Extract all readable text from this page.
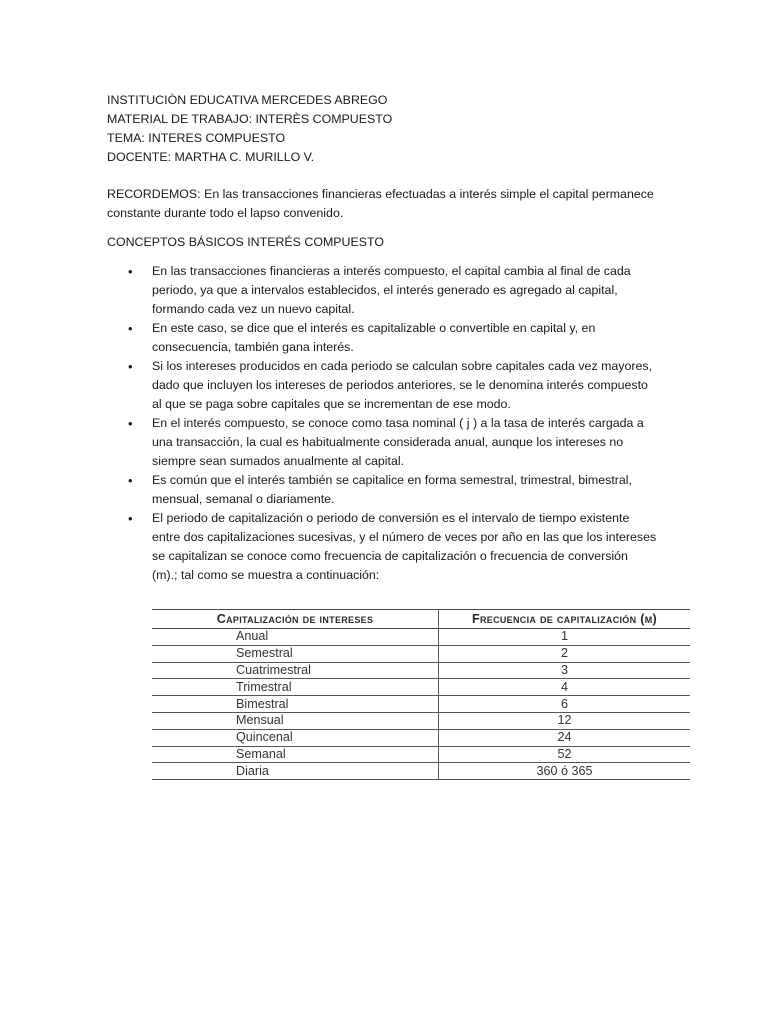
INSTITUCIÒN EDUCATIVA MERCEDES ABREGO
MATERIAL DE TRABAJO: INTERÈS COMPUESTO
TEMA: INTERES COMPUESTO
DOCENTE: MARTHA C. MURILLO V.
RECORDEMOS: En las transacciones financieras efectuadas a interés simple el capital permanece
constante durante todo el lapso convenido.
CONCEPTOS BÁSICOS INTERÉS COMPUESTO
• En las transacciones financieras a interés compuesto, el capital cambia al final de cada
periodo, ya que a intervalos establecidos, el interés generado es agregado al capital,
formando cada vez un nuevo capital.
• En este caso, se dice que el interés es capitalizable o convertible en capital y, en
consecuencia, también gana interés.
• Si los intereses producidos en cada periodo se calculan sobre capitales cada vez mayores,
dado que incluyen los intereses de periodos anteriores, se le denomina interés compuesto
al que se paga sobre capitales que se incrementan de ese modo.
• En el interés compuesto, se conoce como tasa nominal ( j ) a la tasa de interés cargada a
una transacción, la cual es habitualmente considerada anual, aunque los intereses no
siempre sean sumados anualmente al capital.
• Es común que el interés también se capitalice en forma semestral, trimestral, bimestral,
mensual, semanal o diariamente.
• El periodo de capitalización o periodo de conversión es el intervalo de tiempo existente
entre dos capitalizaciones sucesivas, y el número de veces por año en las que los intereses
se capitalizan se conoce como frecuencia de capitalización o frecuencia de conversión
(m).; tal como se muestra a continuación:
Capitalización de intereses	Frecuencia de capitalización (m)
Anual	1
Semestral	2
Cuatrimestral	3
Trimestral	4
Bimestral	6
Mensual	12
Quincenal	24
Semanal	52
Diaria	360 ó 365
